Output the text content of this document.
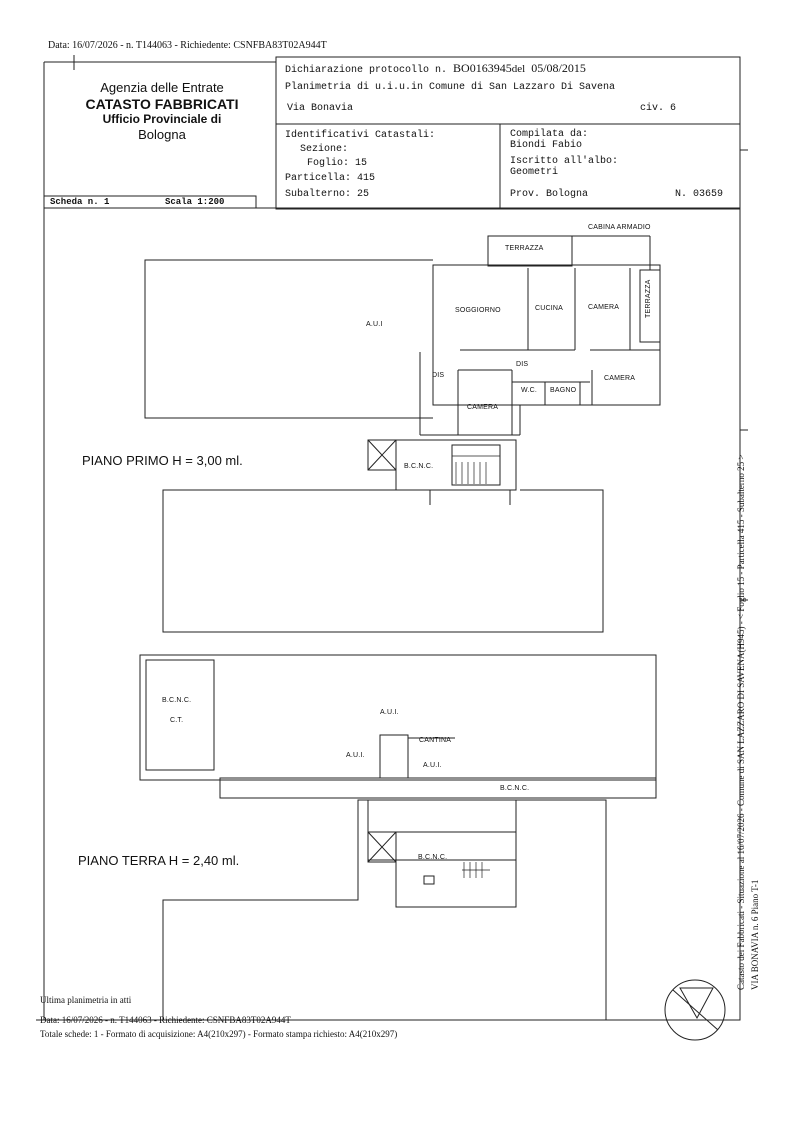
Data: 16/07/2026 - n. T144063 - Richiedente: CSNFBA83T02A944T
Agenzia delle Entrate
CATASTO FABBRICATI
Ufficio Provinciale di
Bologna
Dichiarazione protocollo n. BO0163945del 05/08/2015
Planimetria di u.i.u.in Comune di San Lazzaro Di Savena
Via Bonavia	civ. 6
Identificativi Catastali:
Sezione:
Foglio: 15
Particella: 415
Subalterno: 25
Compilata da:
Biondi Fabio
Iscritto all'albo:
Geometri
Prov. Bologna	N. 03659
Scheda n. 1	Scala 1:200
A.U.I
TERRAZZA
CABINA ARMADIO
SOGGIORNO	CUCINA	CAMERA	TERRAZZA
DIS
DIS
CAMERA
W.C. BAGNO
CAMERA
B.C.N.C.
PIANO PRIMO H = 3,00 ml.
B.C.N.C.
C.T.
A.U.I.
A.U.I.
A.U.I.
CANTINA
B.C.N.C.
B.C.N.C.
PIANO TERRA H = 2,40 ml.	Catasto dei Fabbricati - Situazione al 16/07/2026 - Comune di SAN LAZZARO DI SAVENA(H945) - < Foglio 15 - Particella 415 - Subalterno 25 > VIA BONAVIA n. 6 Piano T-1
Ultima planimetria in atti
Data: 16/07/2026 - n. T144063 - Richiedente: CSNFBA83T02A944T
Totale schede: 1 - Formato di acquisizione: A4(210x297) - Formato stampa richiesto: A4(210x297)
